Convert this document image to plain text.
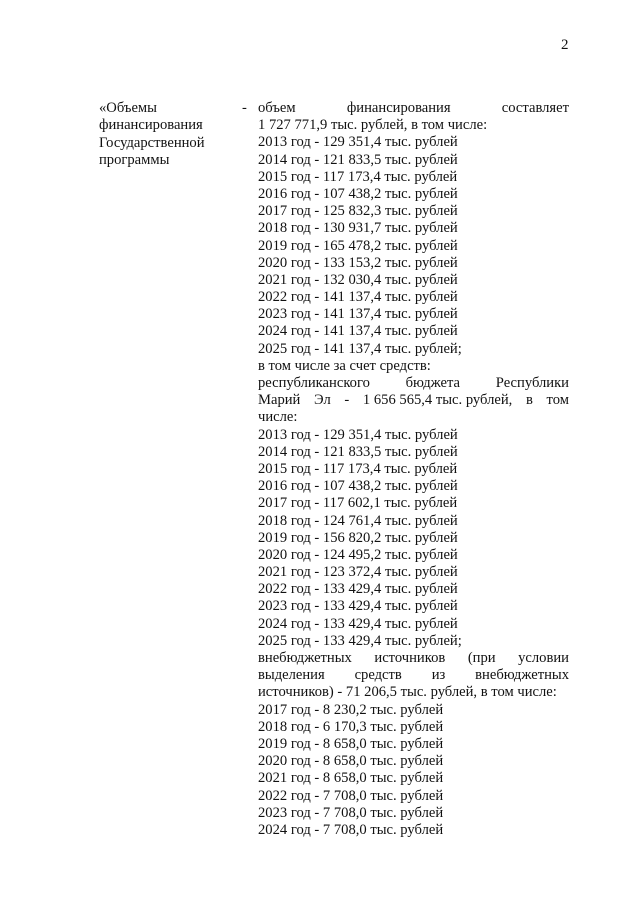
2
«Объемы
финансирования
Государственной
программы
- объем	финансирования	составляет
1 727 771,9 тыс. рублей, в том числе:
2013 год - 129 351,4 тыс. рублей
2014 год - 121 833,5 тыс. рублей
2015 год - 117 173,4 тыс. рублей
2016 год - 107 438,2 тыс. рублей
2017 год - 125 832,3 тыс. рублей
2018 год - 130 931,7 тыс. рублей
2019 год - 165 478,2 тыс. рублей
2020 год - 133 153,2 тыс. рублей
2021 год - 132 030,4 тыс. рублей
2022 год - 141 137,4 тыс. рублей
2023 год - 141 137,4 тыс. рублей
2024 год - 141 137,4 тыс. рублей
2025 год - 141 137,4 тыс. рублей;
в том числе за счет средств:
республиканского бюджета Республики
Марий Эл - 1 656 565,4 тыс. рублей, в том
числе:
2013 год - 129 351,4 тыс. рублей
2014 год - 121 833,5 тыс. рублей
2015 год - 117 173,4 тыс. рублей
2016 год - 107 438,2 тыс. рублей
2017 год - 117 602,1 тыс. рублей
2018 год - 124 761,4 тыс. рублей
2019 год - 156 820,2 тыс. рублей
2020 год - 124 495,2 тыс. рублей
2021 год - 123 372,4 тыс. рублей
2022 год - 133 429,4 тыс. рублей
2023 год - 133 429,4 тыс. рублей
2024 год - 133 429,4 тыс. рублей
2025 год - 133 429,4 тыс. рублей;
внебюджетных источников (при условии
выделения средств из внебюджетных
источников) - 71 206,5 тыс. рублей, в том числе:
2017 год - 8 230,2 тыс. рублей
2018 год - 6 170,3 тыс. рублей
2019 год - 8 658,0 тыс. рублей
2020 год - 8 658,0 тыс. рублей
2021 год - 8 658,0 тыс. рублей
2022 год - 7 708,0 тыс. рублей
2023 год - 7 708,0 тыс. рублей
2024 год - 7 708,0 тыс. рублей
